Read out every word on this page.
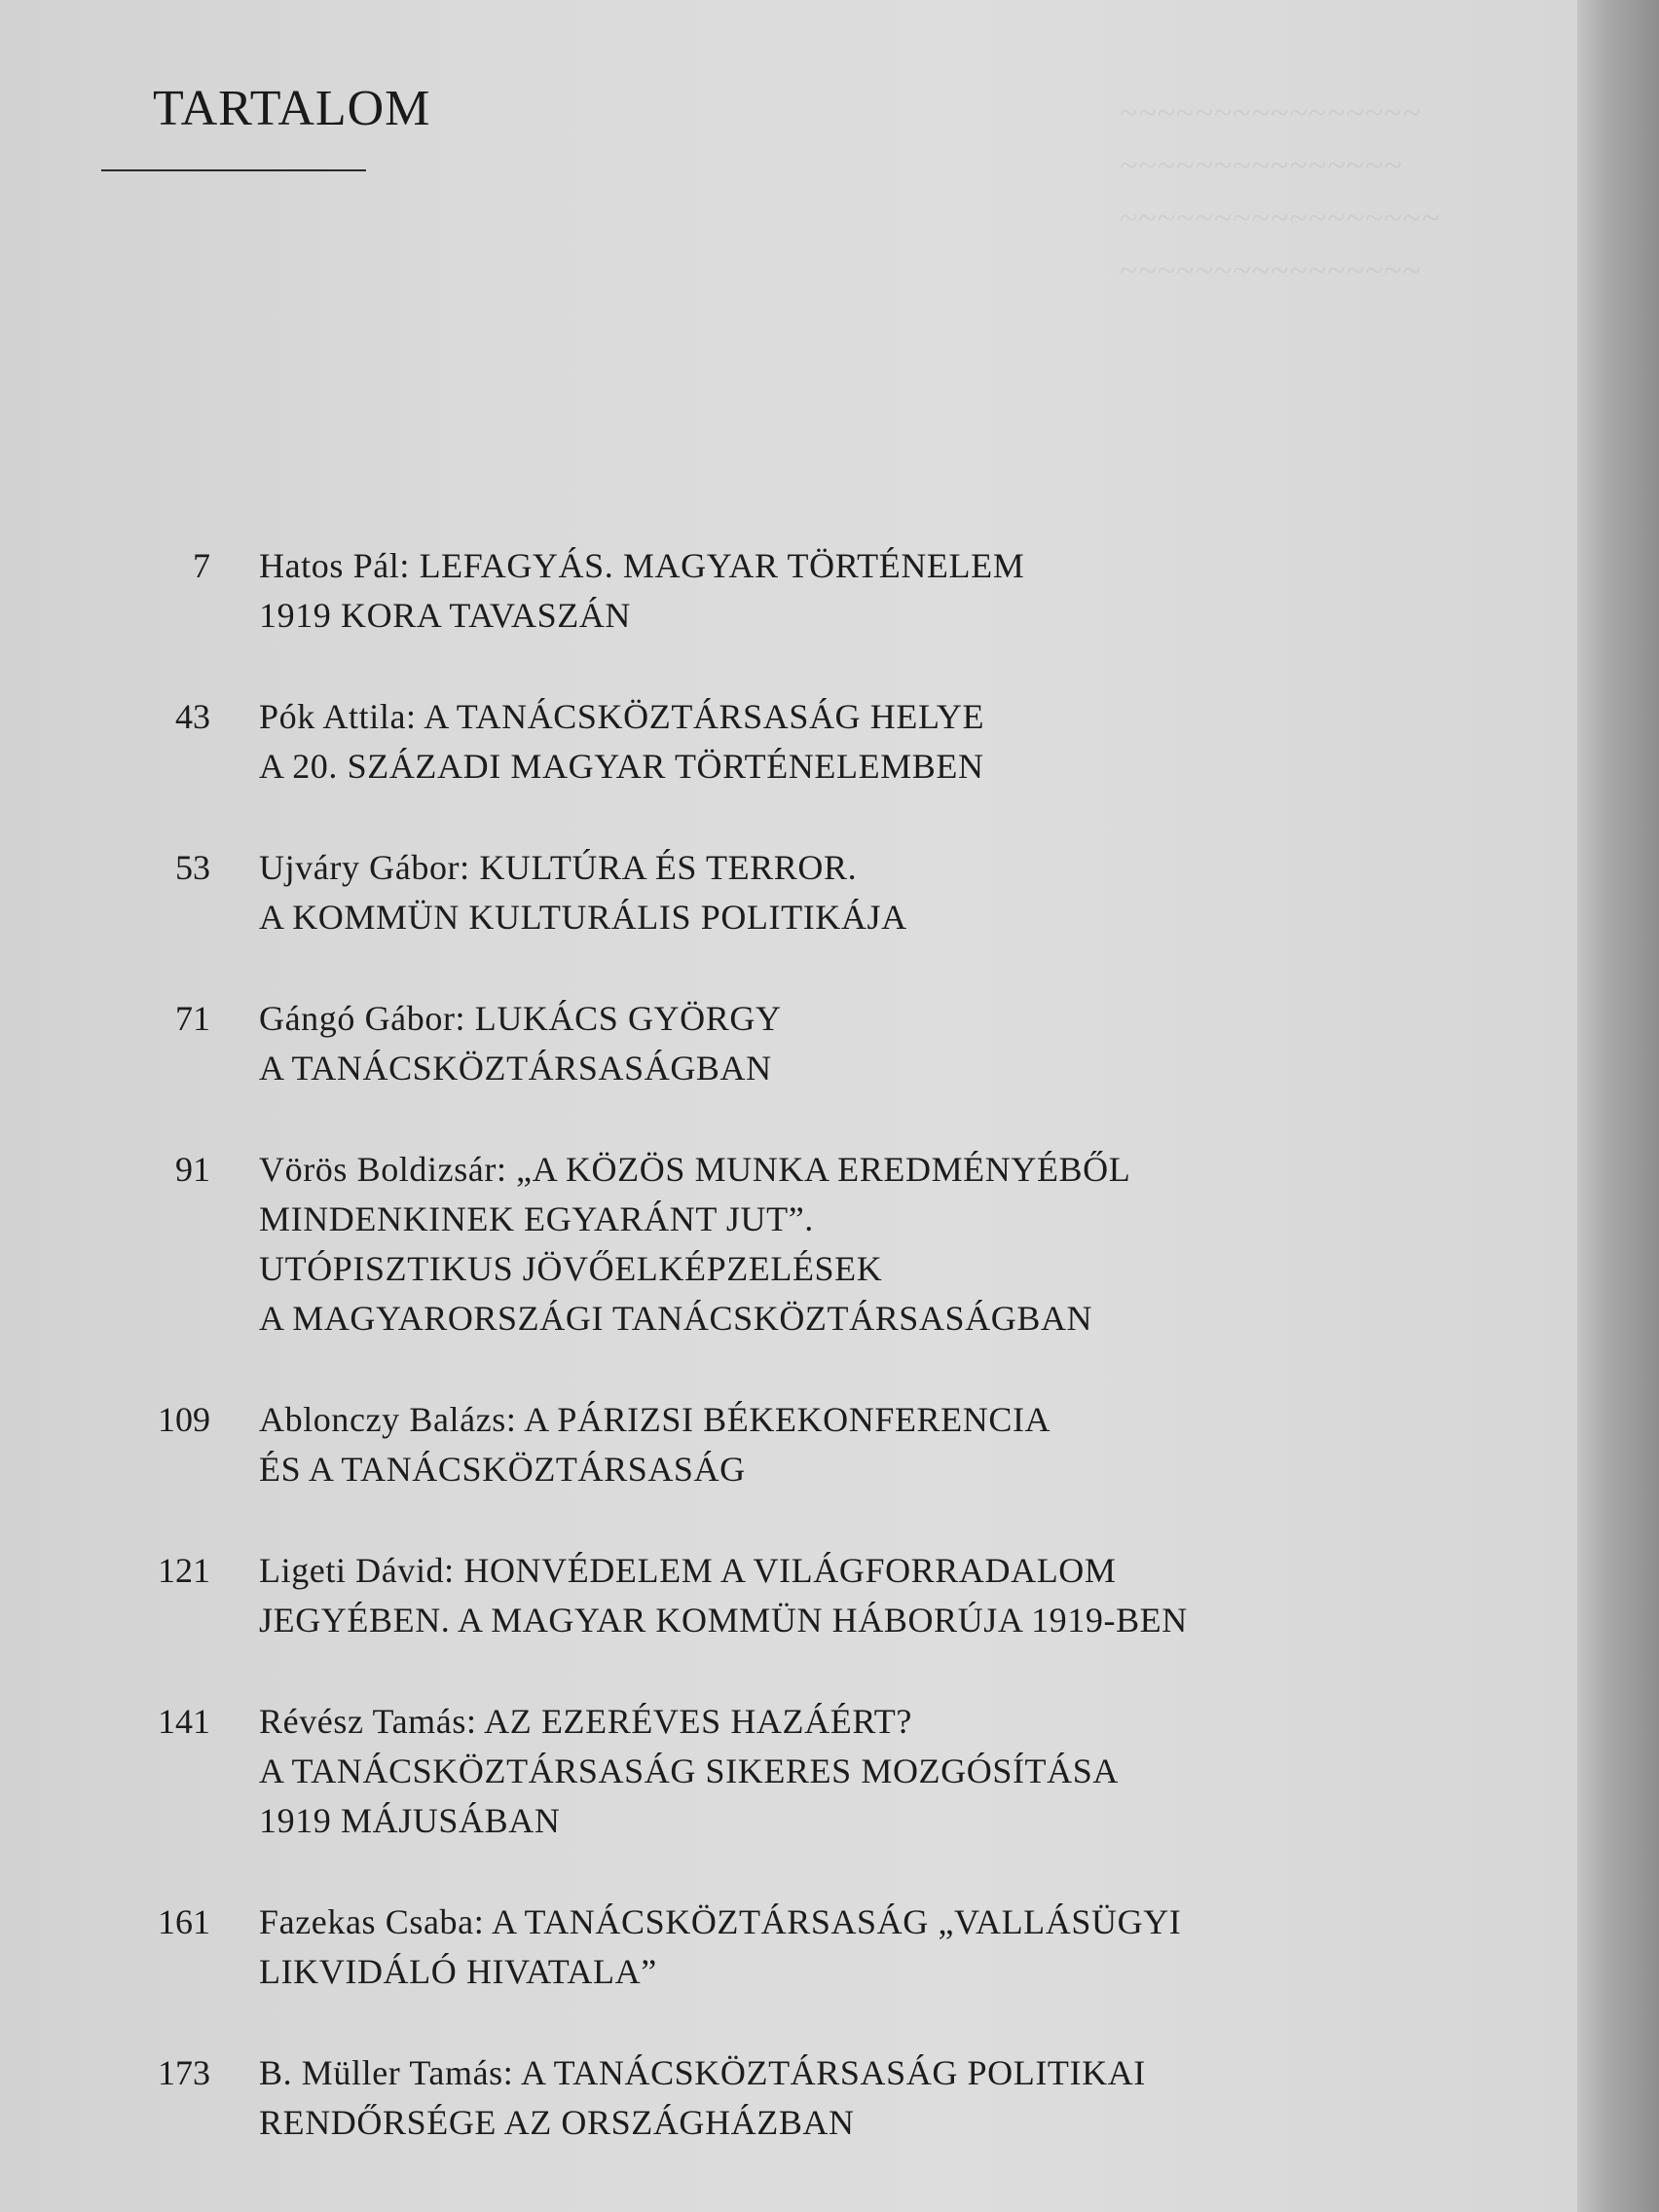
~~~~~~~~~~~~~~~~
~~~~~~~~~~~~~~~
~~~~~~~~~~~~~~~~~
~~~~~~~~~~~~~~~~
TARTALOM
7 Hatos Pál: LEFAGYÁS. MAGYAR TÖRTÉNELEM
1919 KORA TAVASZÁN
43 Pók Attila: A TANÁCSKÖZTÁRSASÁG HELYE
A 20. SZÁZADI MAGYAR TÖRTÉNELEMBEN
53 Ujváry Gábor: KULTÚRA ÉS TERROR.
A KOMMÜN KULTURÁLIS POLITIKÁJA
71 Gángó Gábor: LUKÁCS GYÖRGY
A TANÁCSKÖZTÁRSASÁGBAN
91 Vörös Boldizsár: „A KÖZÖS MUNKA EREDMÉNYÉBŐL
MINDENKINEK EGYARÁNT JUT”.
UTÓPISZTIKUS JÖVŐELKÉPZELÉSEK
A MAGYARORSZÁGI TANÁCSKÖZTÁRSASÁGBAN
109 Ablonczy Balázs: A PÁRIZSI BÉKEKONFERENCIA
ÉS A TANÁCSKÖZTÁRSASÁG
121 Ligeti Dávid: HONVÉDELEM A VILÁGFORRADALOM
JEGYÉBEN. A MAGYAR KOMMÜN HÁBORÚJA 1919-BEN
141 Révész Tamás: AZ EZERÉVES HAZÁÉRT?
A TANÁCSKÖZTÁRSASÁG SIKERES MOZGÓSÍTÁSA
1919 MÁJUSÁBAN
161 Fazekas Csaba: A TANÁCSKÖZTÁRSASÁG „VALLÁSÜGYI
LIKVIDÁLÓ HIVATALA”
173 B. Müller Tamás: A TANÁCSKÖZTÁRSASÁG POLITIKAI
RENDŐRSÉGE AZ ORSZÁGHÁZBAN
